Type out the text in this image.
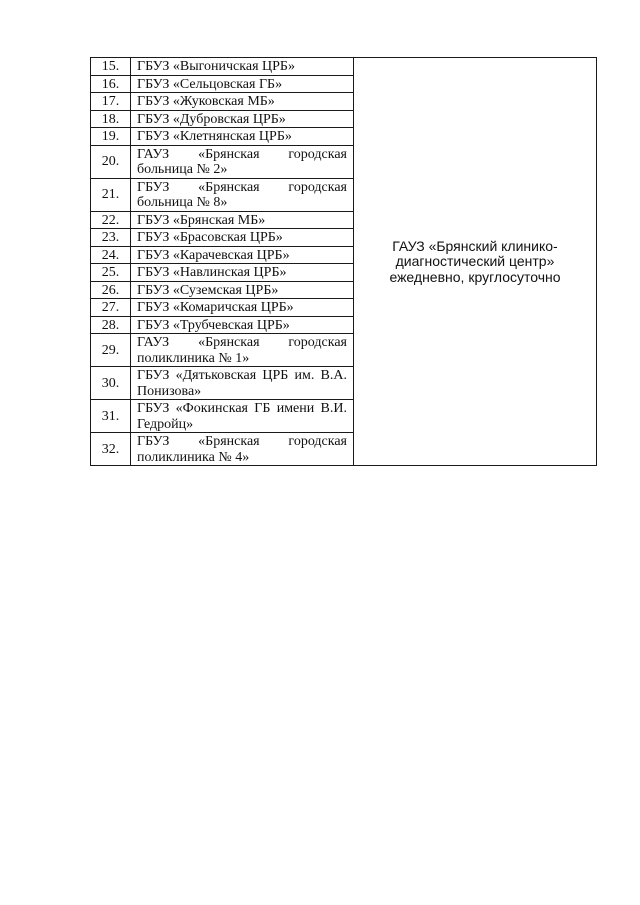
15.	ГБУЗ «Выгоничская ЦРБ»	ГАУЗ «Брянский клинико-
диагностический центр»
ежедневно, круглосуточно

16.	ГБУЗ «Сельцовская ГБ»	
17.	ГБУЗ «Жуковская МБ»	
18.	ГБУЗ «Дубровская ЦРБ»	
19.	ГБУЗ «Клетнянская ЦРБ»	
20.	ГАУЗ «Брянская городская больница № 2»	
21.	ГБУЗ «Брянская городская больница № 8»	
22.	ГБУЗ «Брянская МБ»	
23.	ГБУЗ «Брасовская ЦРБ»	
24.	ГБУЗ «Карачевская ЦРБ»	
25.	ГБУЗ «Навлинская ЦРБ»	
26.	ГБУЗ «Суземская ЦРБ»	
27.	ГБУЗ «Комаричская ЦРБ»	
28.	ГБУЗ «Трубчевская ЦРБ»	
29.	ГАУЗ «Брянская городская поликлиника № 1»	
30.	ГБУЗ «Дятьковская ЦРБ им. В.А. Понизова»	
31.	ГБУЗ «Фокинская ГБ имени В.И. Гедройц»	
32.	ГБУЗ «Брянская городская поликлиника № 4»	
